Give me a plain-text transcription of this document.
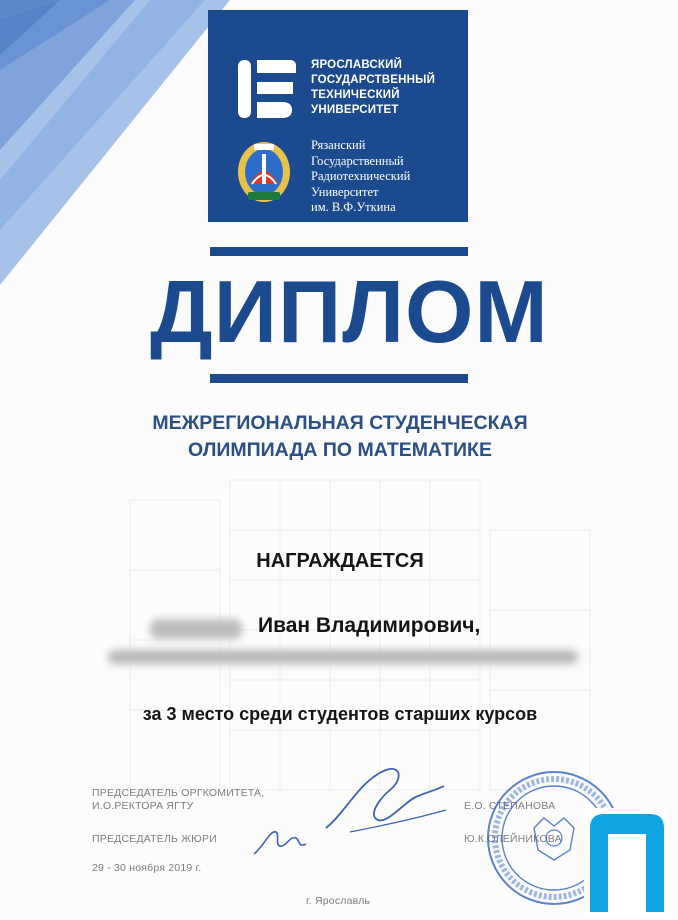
ЯРОСЛАВСКИЙ
ГОСУДАРСТВЕННЫЙ
ТЕХНИЧЕСКИЙ
УНИВЕРСИТЕТ
Рязанский
Государственный
Радиотехнический
Университет
им. В.Ф.Уткина
ДИПЛОМ
МЕЖРЕГИОНАЛЬНАЯ СТУДЕНЧЕСКАЯ
ОЛИМПИАДА ПО МАТЕМАТИКЕ
НАГРАЖДАЕТСЯ
Иван Владимирович,
за 3 место среди студентов старших курсов
ПРЕДСЕДАТЕЛЬ ОРГКОМИТЕТА,
И.О.РЕКТОРА ЯГТУ	Е.О. СТЕПАНОВА
ПРЕДСЕДАТЕЛЬ ЖЮРИ	Ю.К.ОЛЕЙНИКОВА
29 - 30 ноября 2019 г.
г. Ярославль
